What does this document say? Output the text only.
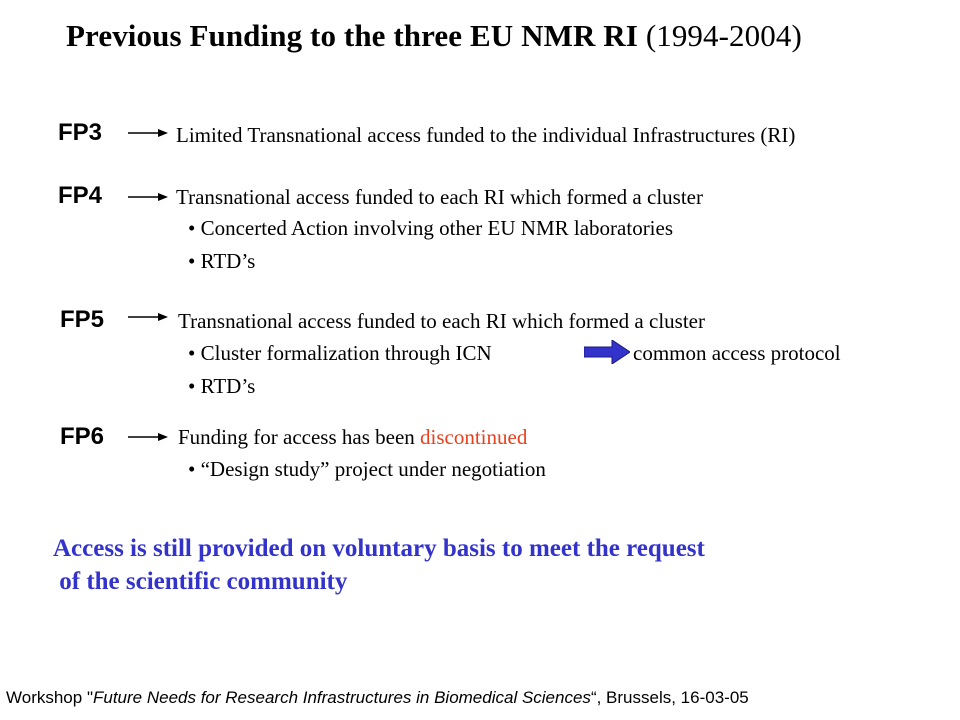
Previous Funding to the three EU NMR RI (1994-2004)
FP3	Limited Transnational access funded to the individual Infrastructures (RI)
FP4	Transnational access funded to each RI which formed a cluster
• Concerted Action involving other EU NMR laboratories
• RTD’s
FP5	Transnational access funded to each RI which formed a cluster
• Cluster formalization through ICN	common access protocol
• RTD’s
FP6	Funding for access has been discontinued
• “Design study” project under negotiation
Access is still provided on voluntary basis to meet the request
of the scientific community
Workshop "Future Needs for Research Infrastructures in Biomedical Sciences“, Brussels, 16-03-05
